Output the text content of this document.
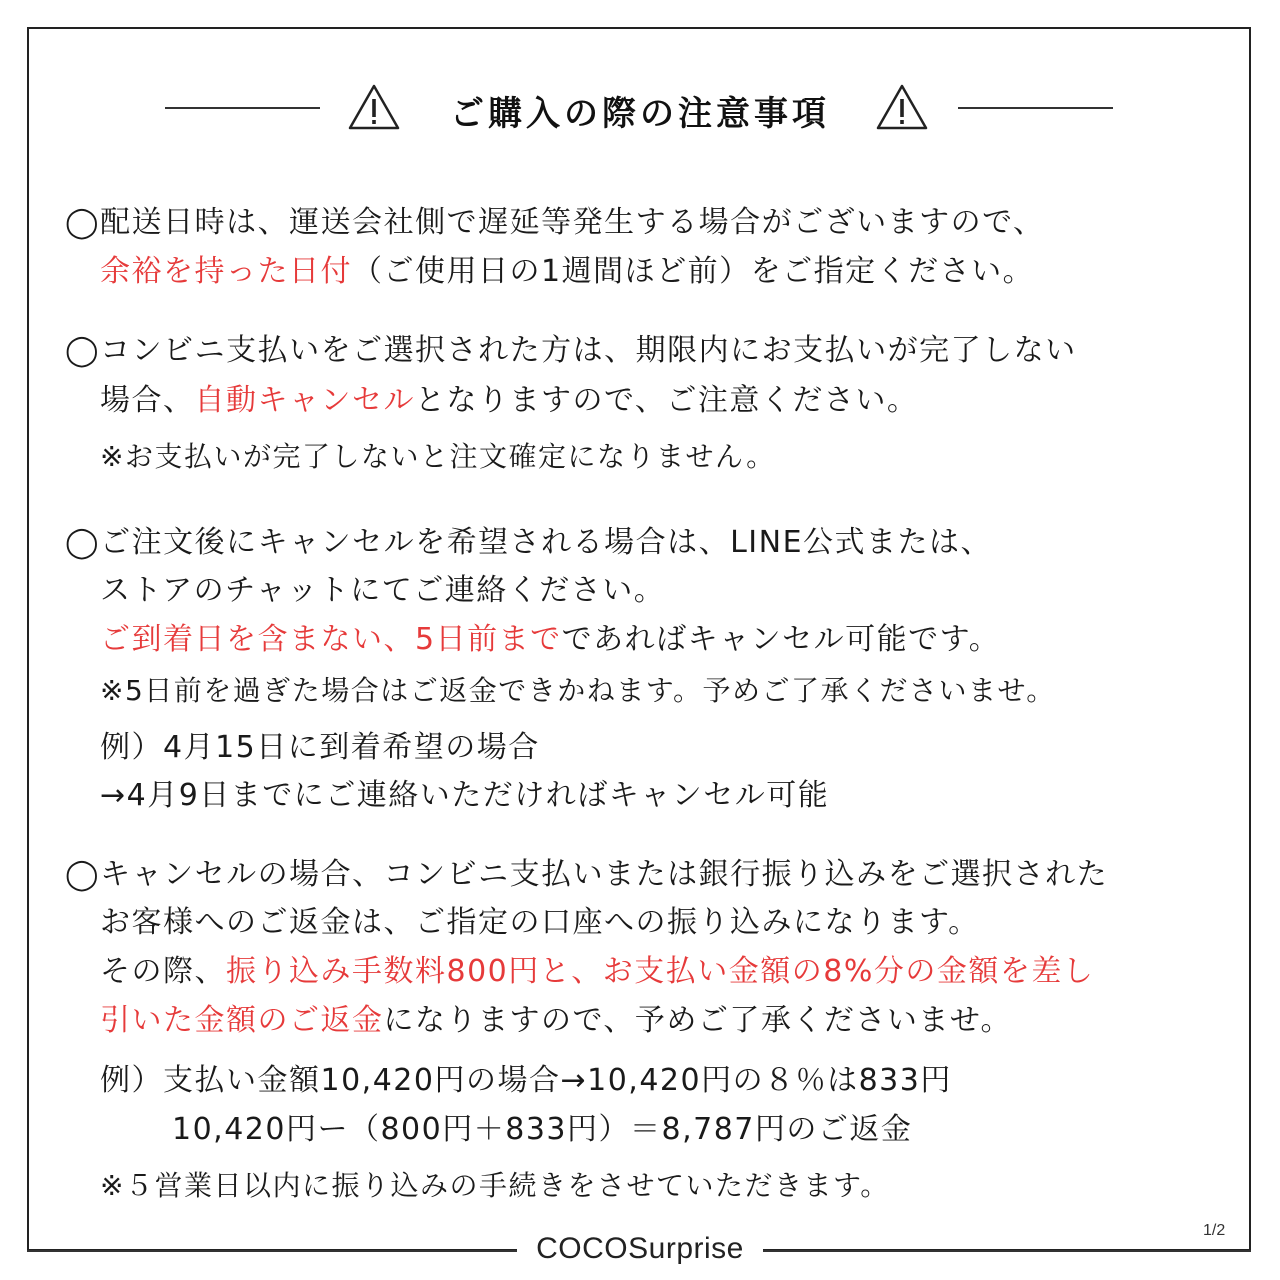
ご購入の際の注意事項
◯配送日時は、運送会社側で遅延等発生する場合がございますので、
余裕を持った日付（ご使用日の1週間ほど前）をご指定ください。
◯コンビニ支払いをご選択された方は、期限内にお支払いが完了しない
場合、自動キャンセルとなりますので、ご注意ください。
※お支払いが完了しないと注文確定になりません。
◯ご注文後にキャンセルを希望される場合は、LINE公式または、
ストアのチャットにてご連絡ください。
ご到着日を含まない、5日前までであればキャンセル可能です。
※5日前を過ぎた場合はご返金できかねます。予めご了承くださいませ。
例）4月15日に到着希望の場合
→4月9日までにご連絡いただければキャンセル可能
◯キャンセルの場合、コンビニ支払いまたは銀行振り込みをご選択された
お客様へのご返金は、ご指定の口座への振り込みになります。
その際、振り込み手数料800円と、お支払い金額の8%分の金額を差し
引いた金額のご返金になりますので、予めご了承くださいませ。
例）支払い金額10,420円の場合→10,420円の８％は833円
10,420円ー（800円＋833円）＝8,787円のご返金
※５営業日以内に振り込みの手続きをさせていただきます。
COCOSurprise
1/2
